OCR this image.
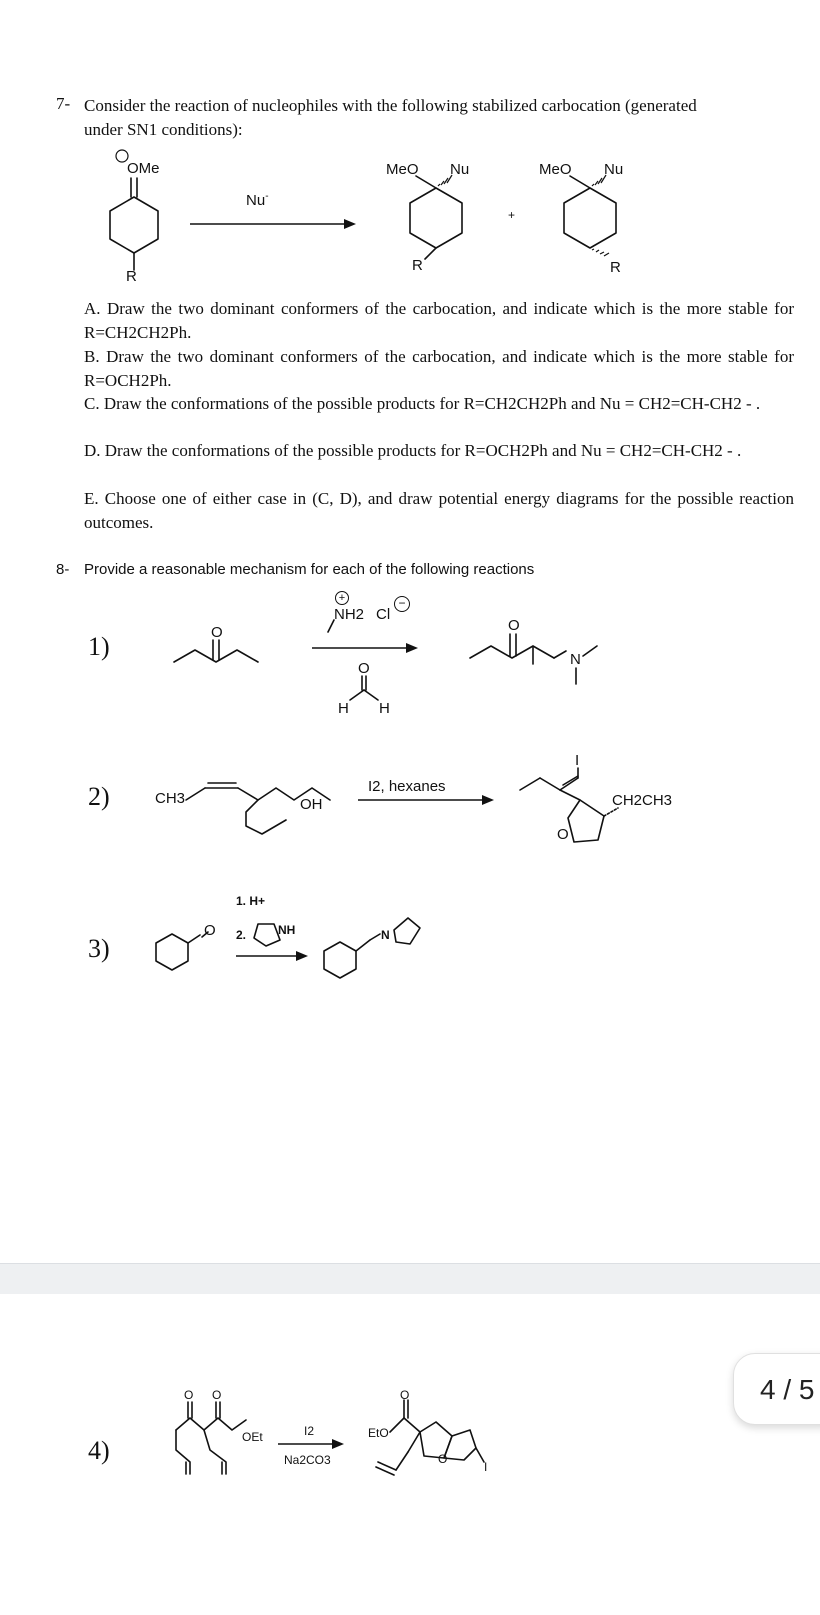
7- Consider the reaction of nucleophiles with the following stabilized carbocation (generated
under SN1 conditions):
OMe
R
Nu-
MeO Nu
R
+
MeO Nu
R
A. Draw the two dominant conformers of the carbocation, and indicate which is the more stable for R=CH2CH2Ph.
B. Draw the two dominant conformers of the carbocation, and indicate which is the more stable for R=OCH2Ph.
C. Draw the conformations of the possible products for R=CH2CH2Ph and Nu = CH2=CH-CH2 - .
D. Draw the conformations of the possible products for R=OCH2Ph and Nu = CH2=CH-CH2 - .
E. Choose one of either case in (C, D), and draw potential energy diagrams for the possible reaction outcomes.
8- Provide a reasonable mechanism for each of the following reactions
1)	O
NH2 Cl
+	−
O
H H
O
N
2)	CH3	OH
I2, hexanes
I
O
CH2CH3
3)
1. H+
2.	NH
O	N
4 / 5
4)
O O
OEt	I2
Na2CO3
EtO
O
O
I
